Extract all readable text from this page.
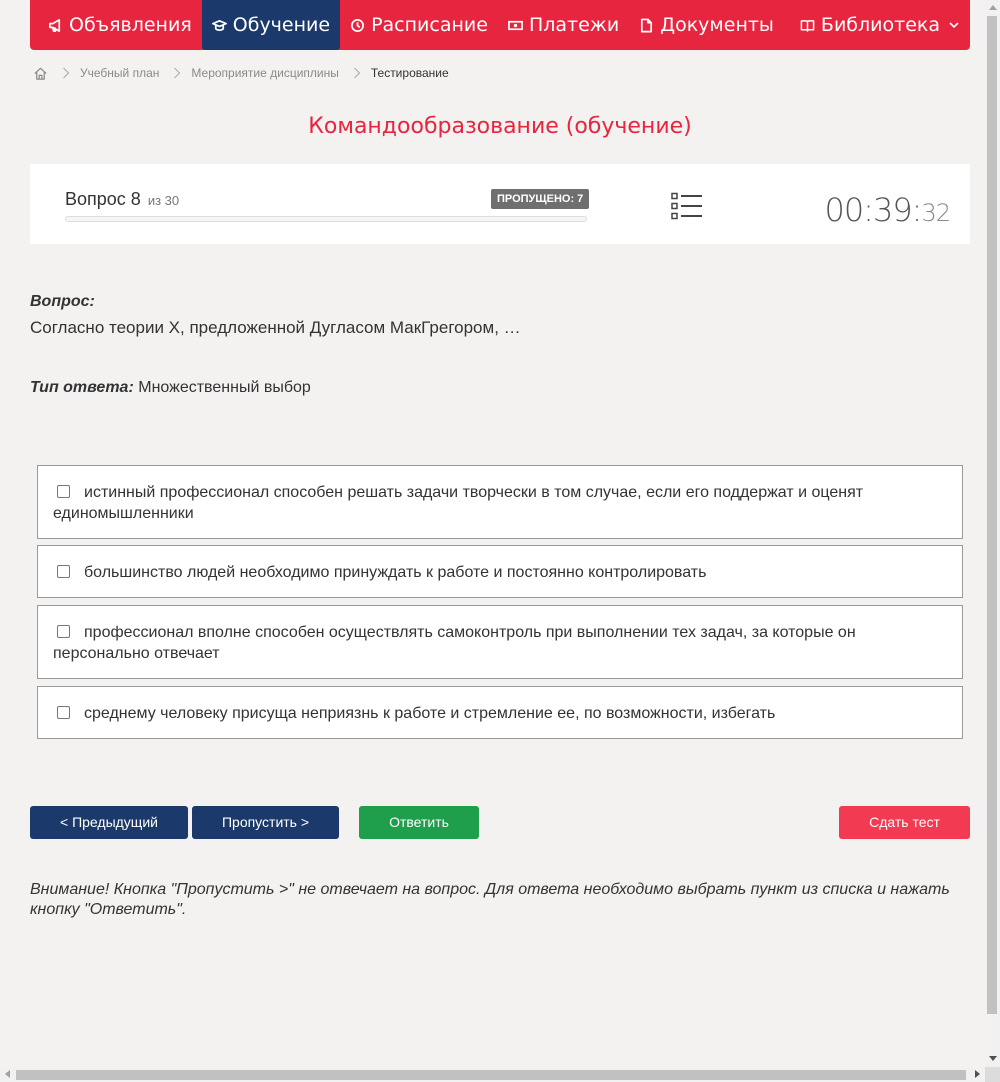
Объявления Обучение Расписание Платежи Документы Библиотека
Учебный план	Мероприятие дисциплины	Тестирование
Командообразование (обучение)
Вопрос 8 из 30	ПРОПУЩЕНО: 7	00:39:32
Вопрос:
Согласно теории X, предложенной Дугласом МакГрегором, …
Тип ответа: Множественный выбор
истинный профессионал способен решать задачи творчески в том случае, если его поддержат и оценят единомышленники
большинство людей необходимо принуждать к работе и постоянно контролировать
профессионал вполне способен осуществлять самоконтроль при выполнении тех задач, за которые он персонально отвечает
среднему человеку присуща неприязнь к работе и стремление ее, по возможности, избегать
< Предыдущий	Пропустить >	Ответить	Сдать тест
Внимание! Кнопка "Пропустить >" не отвечает на вопрос. Для ответа необходимо выбрать пункт из списка и нажать кнопку "Ответить".
